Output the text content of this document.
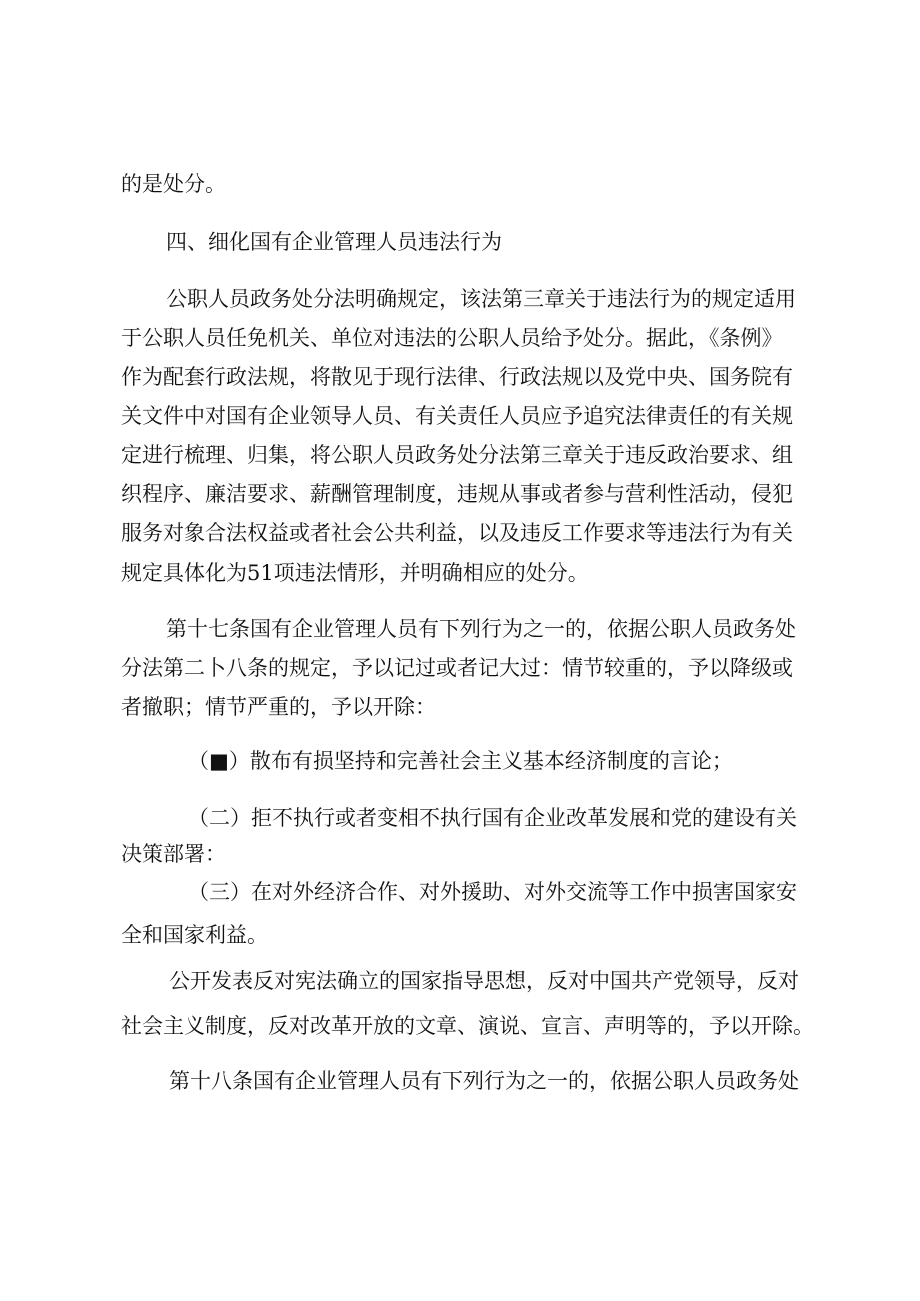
的是处分。

四、细化国有企业管理人员违法行为

公职人员政务处分法明确规定，该法第三章关于违法行为的规定适用

于公职人员任免机关、单位对违法的公职人员给予处分。据此，《条例》

作为配套行政法规，将散见于现行法律、行政法规以及党中央、国务院有

关文件中对国有企业领导人员、有关责任人员应予追究法律责任的有关规

定进行梳理、归集，将公职人员政务处分法第三章关于违反政治要求、组

织程序、廉洁要求、薪酬管理制度，违规从事或者参与营利性活动，侵犯

服务对象合法权益或者社会公共利益，以及违反工作要求等违法行为有关

规定具体化为51项违法情形，并明确相应的处分。

第十七条国有企业管理人员有下列行为之一的，依据公职人员政务处

分法第二卜八条的规定，予以记过或者记大过：情节较重的，予以降级或

者撤职；情节严重的，予以开除：

（■）散布有损坚持和完善社会主义基本经济制度的言论；

（二）拒不执行或者变相不执行国有企业改革发展和党的建设有关

决策部署：

（三）在对外经济合作、对外援助、对外交流等工作中损害国家安

全和国家利益。

公开发表反对宪法确立的国家指导思想，反对中国共产党领导，反对

社会主义制度，反对改革开放的文章、演说、宣言、声明等的，予以开除。

第十八条国有企业管理人员有下列行为之一的，依据公职人员政务处
